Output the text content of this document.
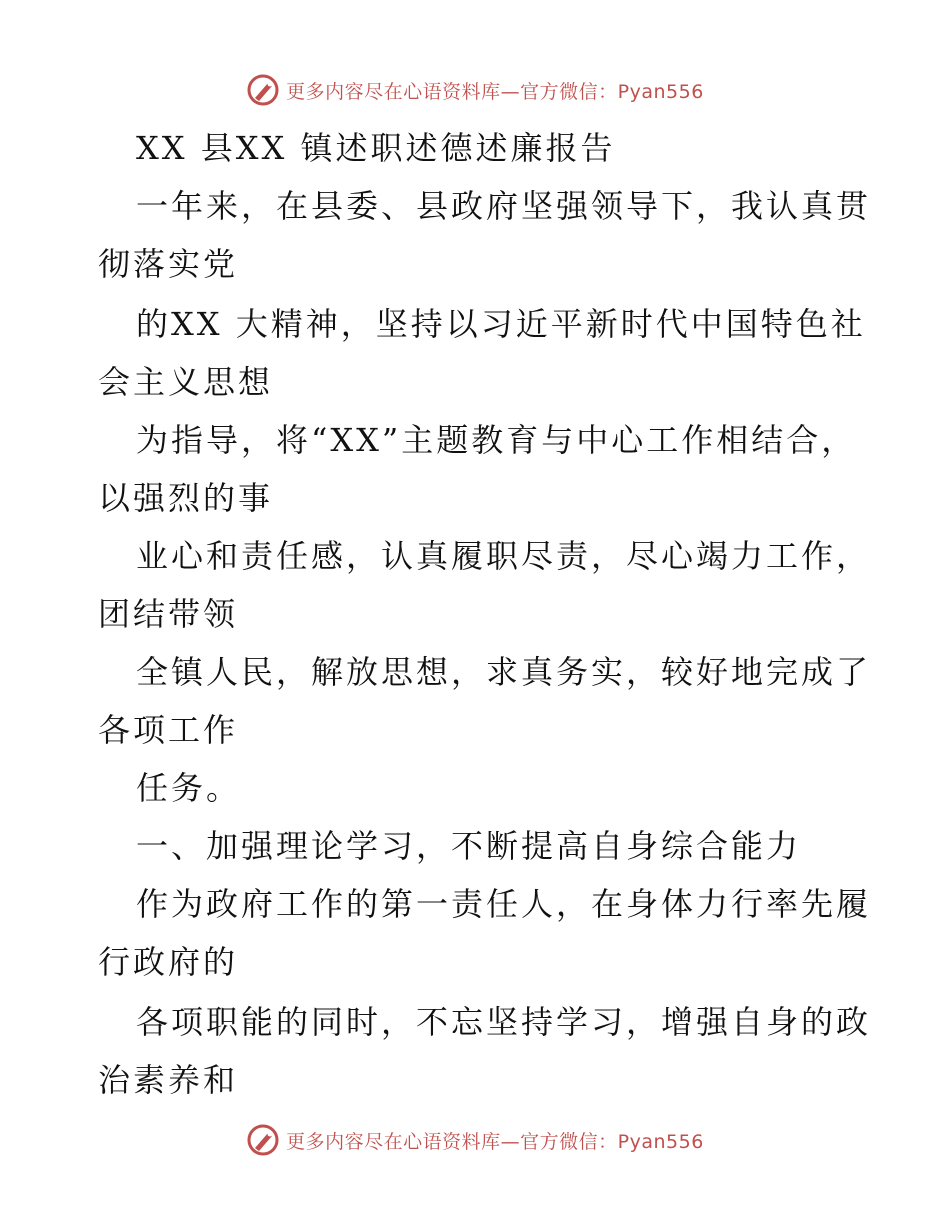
更多内容尽在心语资料库—官方微信：Pyan556
XX 县XX 镇述职述德述廉报告
一年来，在县委、县政府坚强领导下，我认真贯
彻落实党
的XX 大精神，坚持以习近平新时代中国特色社
会主义思想
为指导，将“XX”主题教育与中心工作相结合，
以强烈的事
业心和责任感，认真履职尽责，尽心竭力工作，
团结带领
全镇人民，解放思想，求真务实，较好地完成了
各项工作
任务。
一、加强理论学习，不断提高自身综合能力
作为政府工作的第一责任人，在身体力行率先履
行政府的
各项职能的同时，不忘坚持学习，增强自身的政
治素养和
更多内容尽在心语资料库—官方微信：Pyan556
